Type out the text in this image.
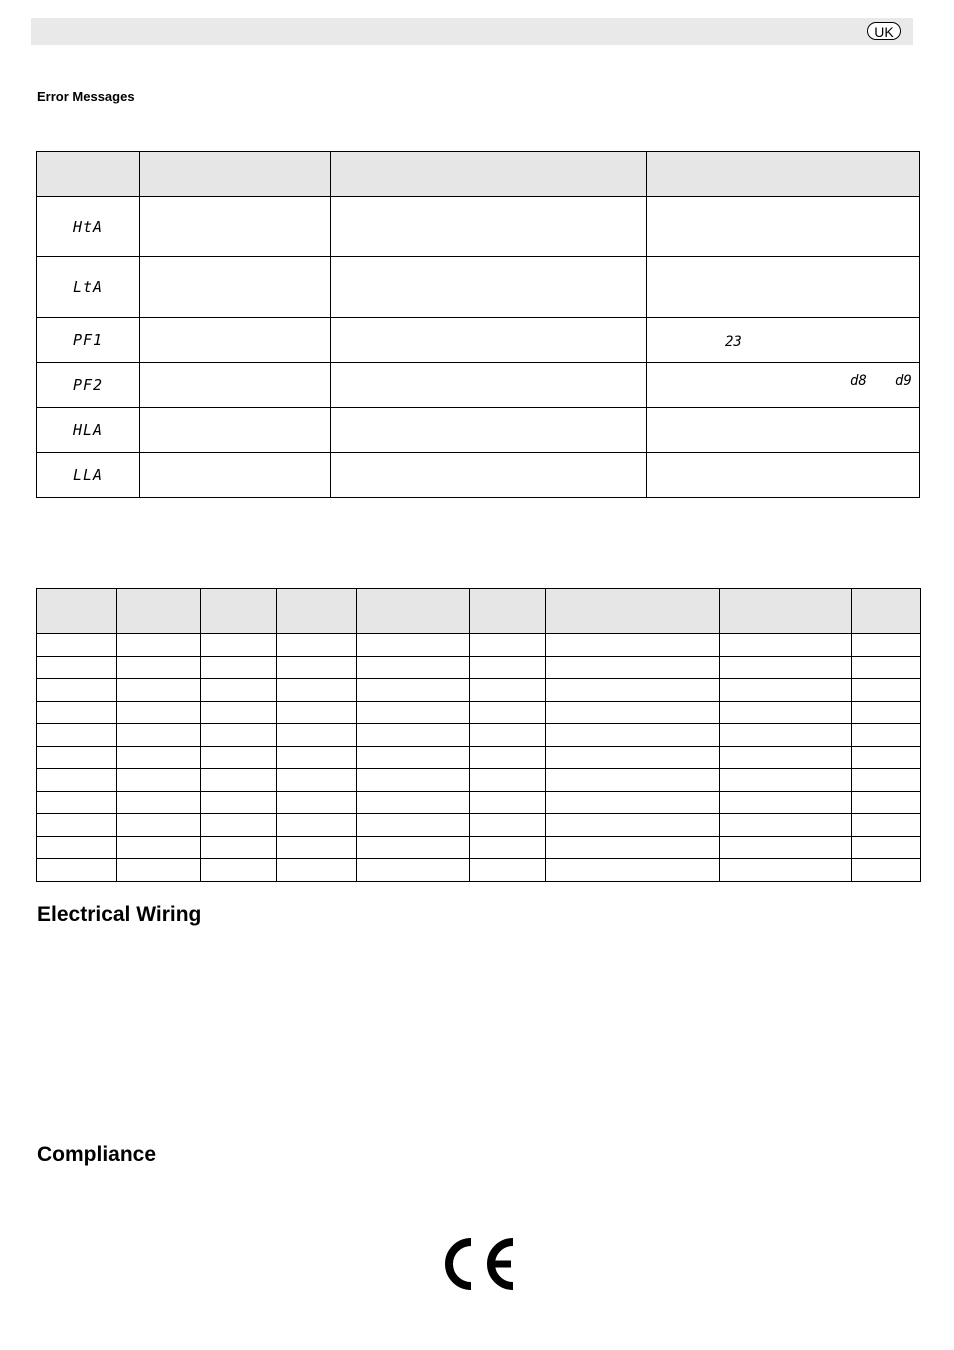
UK

Error Messages

HtA			
LtA			
PF1			23

PF2			d8 d9

HLA			
LLA			

Electrical Wiring
Compliance
